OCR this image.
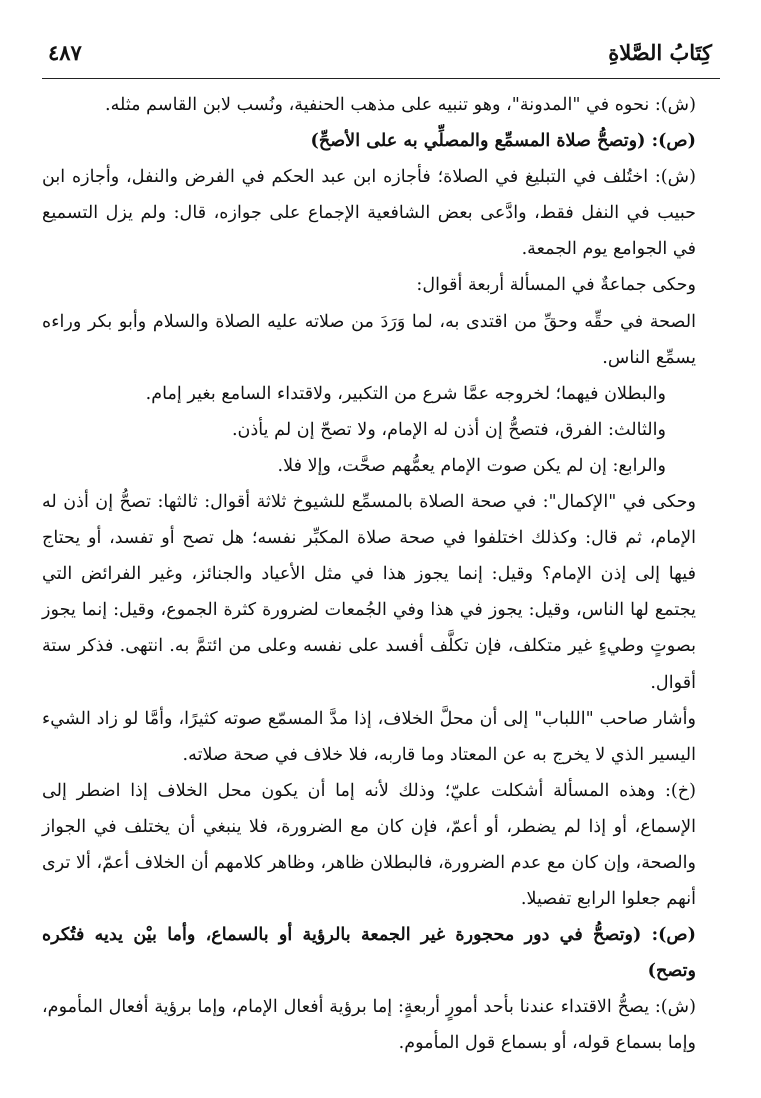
كِتَابُ الصَّلاةِ
٤٨٧

(ش): نحوه في "المدونة"، وهو تنبيه على مذهب الحنفية، ونُسب لابن القاسم مثله.

(ص): (وتصحُّ صلاة المسمِّع والمصلِّي به على الأصحِّ)

(ش): اختُلف في التبليغ في الصلاة؛ فأجازه ابن عبد الحكم في الفرض والنفل، وأجازه ابن حبيب في النفل فقط، وادَّعى بعض الشافعية الإجماع على جوازه، قال: ولم يزل التسميع في الجوامع يوم الجمعة.

وحكى جماعةٌ في المسألة أربعة أقوال:

الصحة في حقِّه وحقِّ من اقتدى به، لما وَرَدَ من صلاته عليه الصلاة والسلام وأبو بكر وراءه يسمِّع الناس.

والبطلان فيهما؛ لخروجه عمَّا شرع من التكبير، ولاقتداء السامع بغير إمام.

والثالث: الفرق، فتصحُّ إن أذن له الإمام، ولا تصحّ إن لم يأذن.

والرابع: إن لم يكن صوت الإمام يعمُّهم صحَّت، وإلا فلا.

وحكى في "الإكمال": في صحة الصلاة بالمسمِّع للشيوخ ثلاثة أقوال: ثالثها: تصحُّ إن أذن له الإمام، ثم قال: وكذلك اختلفوا في صحة صلاة المكبِّر نفسه؛ هل تصح أو تفسد، أو يحتاج فيها إلى إذن الإمام؟ وقيل: إنما يجوز هذا في مثل الأعياد والجنائز، وغير الفرائض التي يجتمع لها الناس، وقيل: يجوز في هذا وفي الجُمعات لضرورة كثرة الجموع، وقيل: إنما يجوز بصوتٍ وطيءٍ غير متكلف، فإن تكلَّف أفسد على نفسه وعلى من ائتمَّ به. انتهى. فذكر ستة أقوال.

وأشار صاحب "اللباب" إلى أن محلَّ الخلاف، إذا مدَّ المسمّع صوته كثيرًا، وأمَّا لو زاد الشيء اليسير الذي لا يخرج به عن المعتاد وما قاربه، فلا خلاف في صحة صلاته.

(خ): وهذه المسألة أشكلت عليّ؛ وذلك لأنه إما أن يكون محل الخلاف إذا اضطر إلى الإسماع، أو إذا لم يضطر، أو أعمّ، فإن كان مع الضرورة، فلا ينبغي أن يختلف في الجواز والصحة، وإن كان مع عدم الضرورة، فالبطلان ظاهر، وظاهر كلامهم أن الخلاف أعمّ، ألا ترى أنهم جعلوا الرابع تفصيلا.

(ص): (وتصحُّ في دور محجورة غير الجمعة بالرؤية أو بالسماع، وأما بيْن يديه فتُكره وتصح)

(ش): يصحُّ الاقتداء عندنا بأحد أمورٍ أربعةٍ: إما برؤية أفعال الإمام، وإما برؤية أفعال المأموم، وإما بسماع قوله، أو بسماع قول المأموم.
